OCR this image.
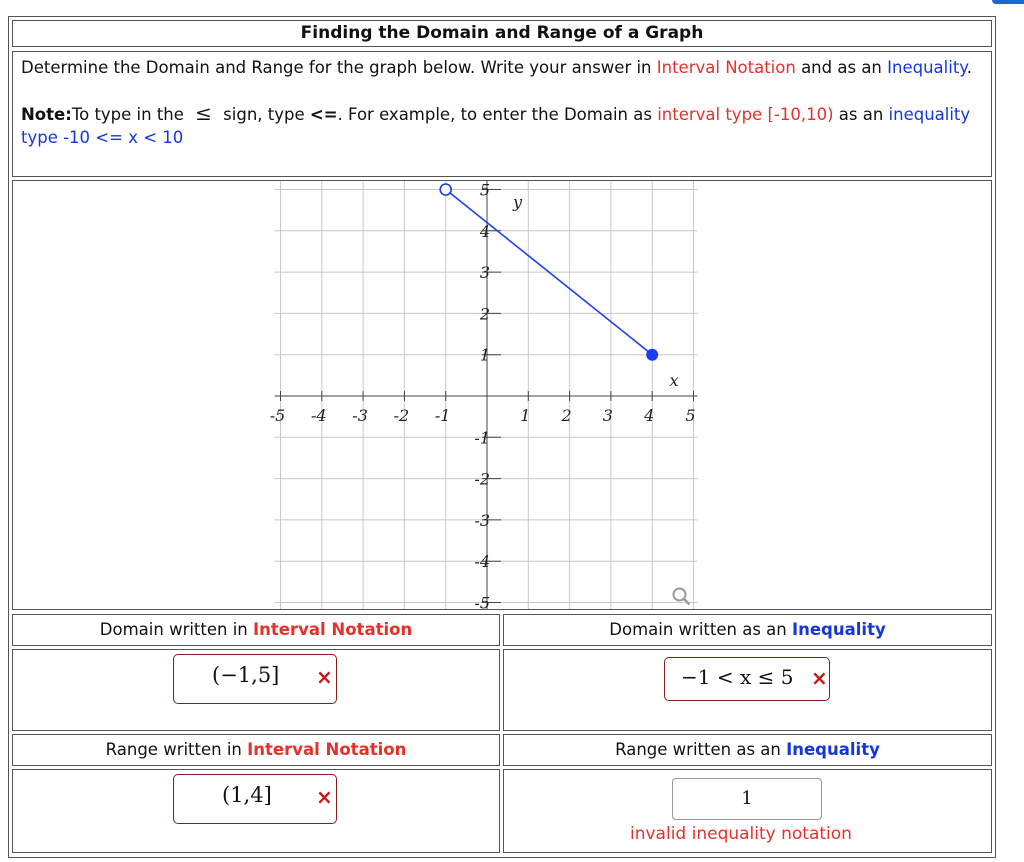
Finding the Domain and Range of a Graph
Determine the Domain and Range for the graph below. Write your answer in Interval Notation and as an Inequality.
Note:To type in the ≤ sign, type <=. For example, to enter the Domain as interval type [-10,10) as an inequality type -10 <= x < 10
-5 -4 -3 -2 -1	1 2 3 4 5
5
4
3
2
1
-1
-2
-3
-4
-5
x
y
Domain written in Interval Notation
(−1,5] ×
Domain written as an Inequality
−1 < x ≤ 5 ×
Range written in Interval Notation
(1,4] ×
Range written as an Inequality
1
invalid inequality notation
